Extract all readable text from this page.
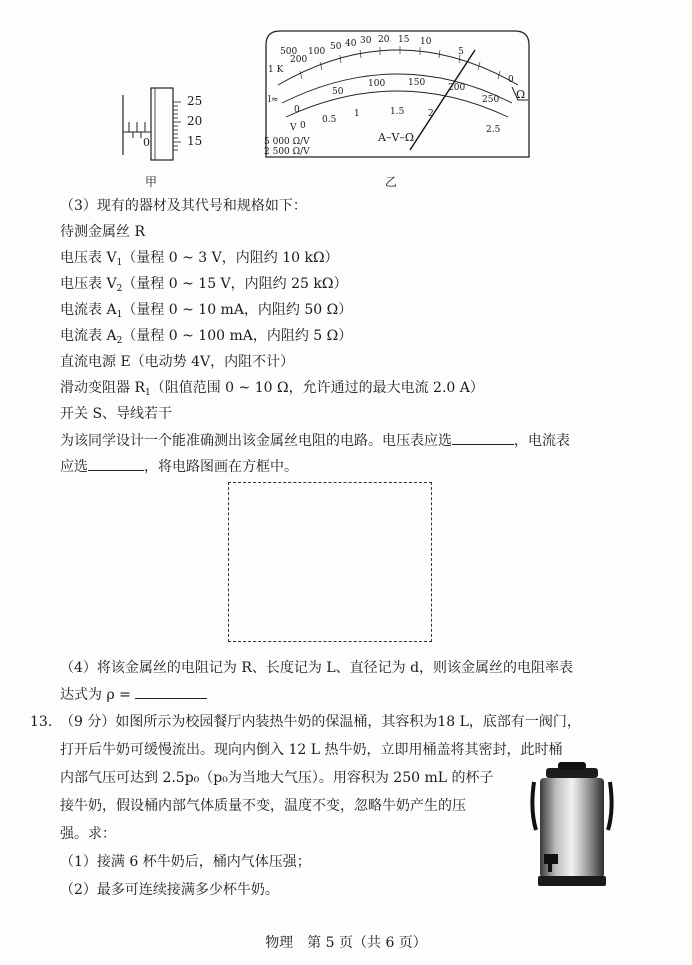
25
20
15
0
甲
1 K
500
200
100 50 40 30 20 15 10
5
0
Ω
0
50
100	150	200
250
0
0.5
1	1.5	2
2.5
l≈
V
A–V–Ω
5 000 Ω/V
2 500 Ω/V
乙
（3）现有的器材及其代号和规格如下：
待测金属丝 R
电压表 $V_1$（量程 0 ~ 3 V，内阻约 10 kΩ）
电压表 $V_2$（量程 0 ~ 15 V，内阻约 25 kΩ）
电流表 $A_1$（量程 0 ~ 10 mA，内阻约 50 Ω）
电流表 $A_2$（量程 0 ~ 100 mA，内阻约 5 Ω）
直流电源 E（电动势 4V，内阻不计）
滑动变阻器 $R_1$（阻值范围 0 ~ 10 Ω，允许通过的最大电流 2.0 A）
开关 S、导线若干
为该同学设计一个能准确测出该金属丝电阻的电路。电压表应选	，电流表
应选	，将电路图画在方框中。
（4）将该金属丝的电阻记为 R、长度记为 L、直径记为 d，则该金属丝的电阻率表
达式为 ρ =
13. （9 分）如图所示为校园餐厅内装热牛奶的保温桶，其容积为18 L，底部有一阀门，
打开后牛奶可缓慢流出。现向内倒入 12 L 热牛奶，立即用桶盖将其密封，此时桶
内部气压可达到 2.5p₀（p₀为当地大气压）。用容积为 250 mL 的杯子
接牛奶，假设桶内部气体质量不变，温度不变，忽略牛奶产生的压
强。求：
（1）接满 6 杯牛奶后，桶内气体压强；
（2）最多可连续接满多少杯牛奶。
物理　第 5 页（共 6 页）
